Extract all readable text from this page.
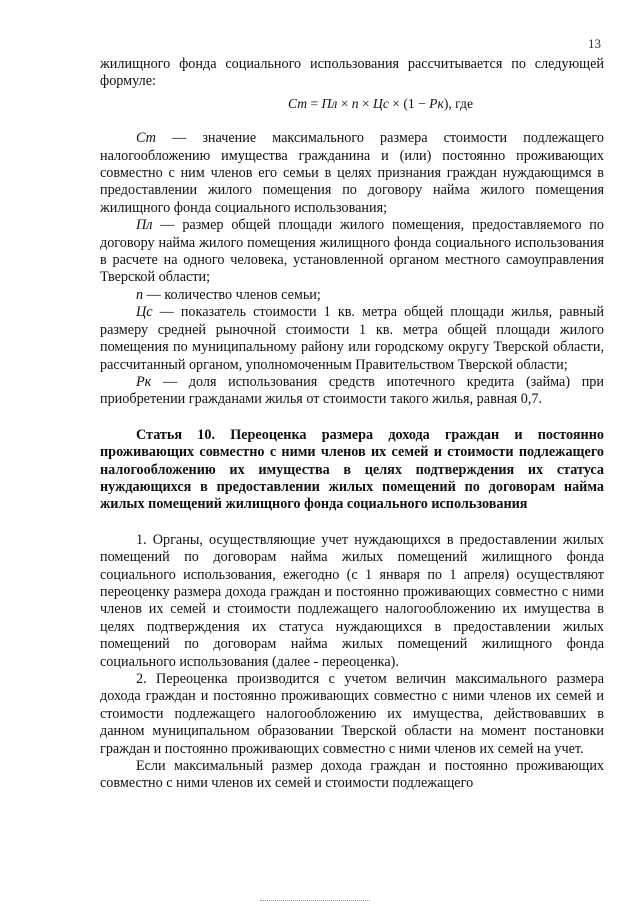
13

жилищного фонда социального использования рассчитывается по следующей формуле:

Ст = Пл × n × Цс × (1 − Рк), где

Ст — значение максимального размера стоимости подлежащего налогообложению имущества гражданина и (или) постоянно проживающих совместно с ним членов его семьи в целях признания граждан нуждающимся в предоставлении жилого помещения по договору найма жилого помещения жилищного фонда социального использования;

Пл — размер общей площади жилого помещения, предоставляемого по договору найма жилого помещения жилищного фонда социального использования в расчете на одного человека, установленной органом местного самоуправления Тверской области;

n — количество членов семьи;

Цс — показатель стоимости 1 кв. метра общей площади жилья, равный размеру средней рыночной стоимости 1 кв. метра общей площади жилого помещения по муниципальному району или городскому округу Тверской области, рассчитанный органом, уполномоченным Правительством Тверской области;

Рк — доля использования средств ипотечного кредита (займа) при приобретении гражданами жилья от стоимости такого жилья, равная 0,7.

Статья 10. Переоценка размера дохода граждан и постоянно проживающих совместно с ними членов их семей и стоимости подлежащего налогообложению их имущества в целях подтверждения их статуса нуждающихся в предоставлении жилых помещений по договорам найма жилых помещений жилищного фонда социального использования

1. Органы, осуществляющие учет нуждающихся в предоставлении жилых помещений по договорам найма жилых помещений жилищного фонда социального использования, ежегодно (с 1 января по 1 апреля) осуществляют переоценку размера дохода граждан и постоянно проживающих совместно с ними членов их семей и стоимости подлежащего налогообложению их имущества в целях подтверждения их статуса нуждающихся в предоставлении жилых помещений по договорам найма жилых помещений жилищного фонда социального использования (далее - переоценка).

2. Переоценка производится с учетом величин максимального размера дохода граждан и постоянно проживающих совместно с ними членов их семей и стоимости подлежащего налогообложению их имущества, действовавших в данном муниципальном образовании Тверской области на момент постановки граждан и постоянно проживающих совместно с ними членов их семей на учет.

Если максимальный размер дохода граждан и постоянно проживающих совместно с ними членов их семей и стоимости подлежащего
